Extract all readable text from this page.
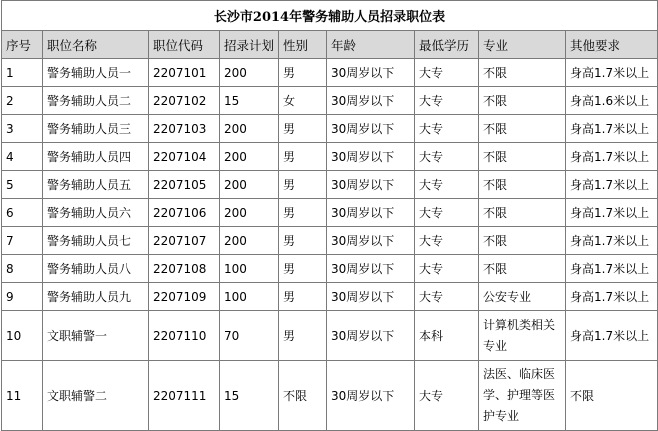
长沙市2014年警务辅助人员招录职位表								
序号	职位名称	职位代码	招录计划	性别	年龄	最低学历	专业	其他要求
1	警务辅助人员一	2207101	200	男	30周岁以下	大专	不限	身高1.7米以上
2	警务辅助人员二	2207102	15	女	30周岁以下	大专	不限	身高1.6米以上
3	警务辅助人员三	2207103	200	男	30周岁以下	大专	不限	身高1.7米以上
4	警务辅助人员四	2207104	200	男	30周岁以下	大专	不限	身高1.7米以上
5	警务辅助人员五	2207105	200	男	30周岁以下	大专	不限	身高1.7米以上
6	警务辅助人员六	2207106	200	男	30周岁以下	大专	不限	身高1.7米以上
7	警务辅助人员七	2207107	200	男	30周岁以下	大专	不限	身高1.7米以上
8	警务辅助人员八	2207108	100	男	30周岁以下	大专	不限	身高1.7米以上
9	警务辅助人员九	2207109	100	男	30周岁以下	大专	公安专业	身高1.7米以上
10	文职辅警一	2207110	70	男	30周岁以下	本科	计算机类相关专业	身高1.7米以上
11	文职辅警二	2207111	15	不限	30周岁以下	大专	法医、临床医学、护理等医护专业	不限
